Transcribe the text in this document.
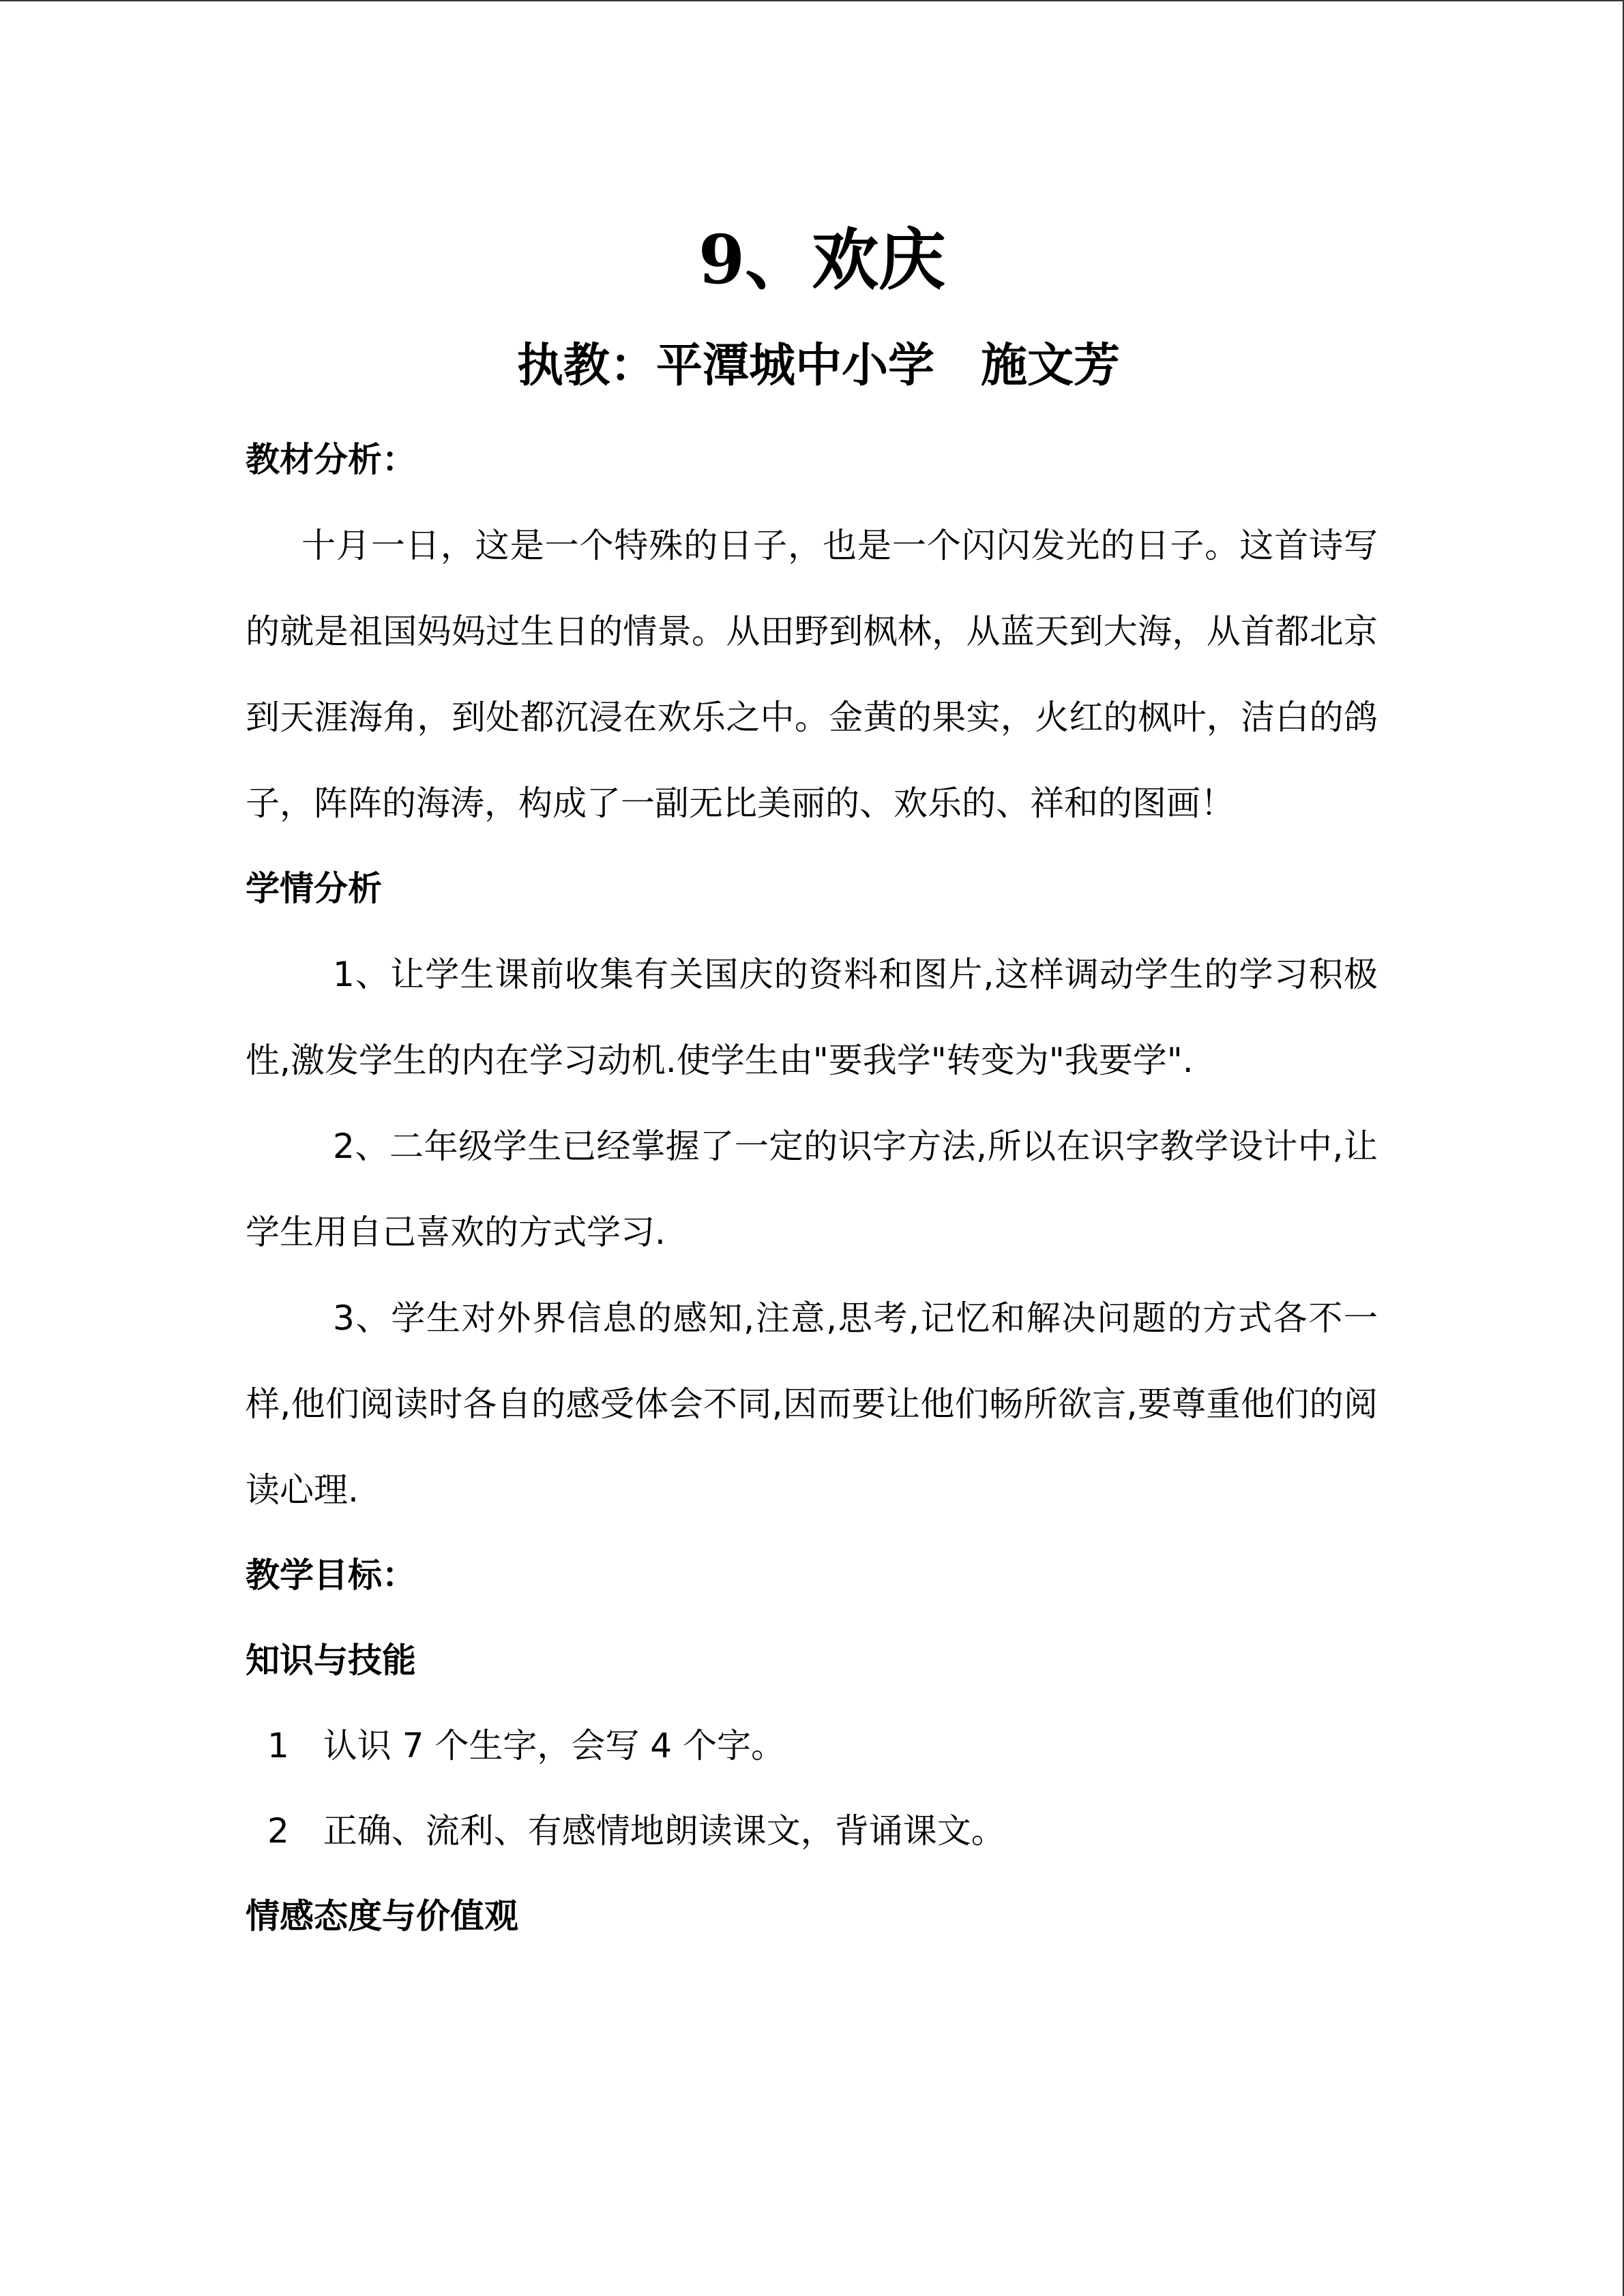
9、欢庆
执教：平潭城中小学　施文芳

教材分析：

十月一日，这是一个特殊的日子，也是一个闪闪发光的日子。这首诗写的就是祖国妈妈过生日的情景。从田野到枫林，从蓝天到大海，从首都北京到天涯海角，到处都沉浸在欢乐之中。金黄的果实，火红的枫叶，洁白的鸽子，阵阵的海涛，构成了一副无比美丽的、欢乐的、祥和的图画！

学情分析

1、让学生课前收集有关国庆的资料和图片,这样调动学生的学习积极性,激发学生的内在学习动机.使学生由"要我学"转变为"我要学".

2、二年级学生已经掌握了一定的识字方法,所以在识字教学设计中,让学生用自己喜欢的方式学习.

3、学生对外界信息的感知,注意,思考,记忆和解决问题的方式各不一样,他们阅读时各自的感受体会不同,因而要让他们畅所欲言,要尊重他们的阅读心理.

教学目标：

知识与技能

1　认识 7 个生字，会写 4 个字。

2　正确、流利、有感情地朗读课文，背诵课文。

情感态度与价值观
